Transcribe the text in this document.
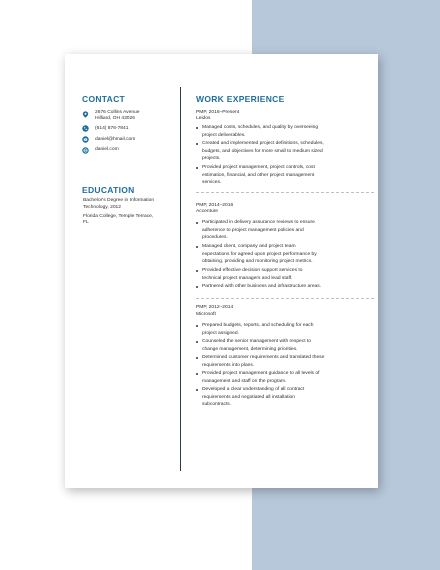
CONTACT
2676 Collins Avenue
Hilliard, OH 43026
(614) 876-7841
daniel@hmail.com
daniel.com
EDUCATION
Bachelor's Degree in Information
Technology, 2012
Florida College, Temple Terrace,
FL
WORK EXPERIENCE
PMP, 2016–Present
Leidos
Managed costs, schedules, and quality by overseeing
project deliverables.
Created and implemented project definitions, schedules,
budgets, and objectives for more small to medium sized
projects.
Provided project management, project controls, cost
estimation, financial, and other project management
services.
PMP, 2014–2016
Accenture
Participated in delivery assurance reviews to ensure
adherence to project management policies and
procedures.
Managed client, company and project team
expectations for agreed upon project performance by
obtaining, providing and monitoring project metrics.
Provided effective decision support services to
technical project managers and lead staff.
Partnered with other business and infrastructure areas.
PMP, 2012–2014
Microsoft
Prepared budgets, reports, and scheduling for each
project assigned.
Counseled the senior management with respect to
change management, determining priorities.
Determined customer requirements and translated these
requirements into plans.
Provided project management guidance to all levels of
management and staff on the program.
Developed a clear understanding of all contract
requirements and negotiated all installation
subcontracts.
